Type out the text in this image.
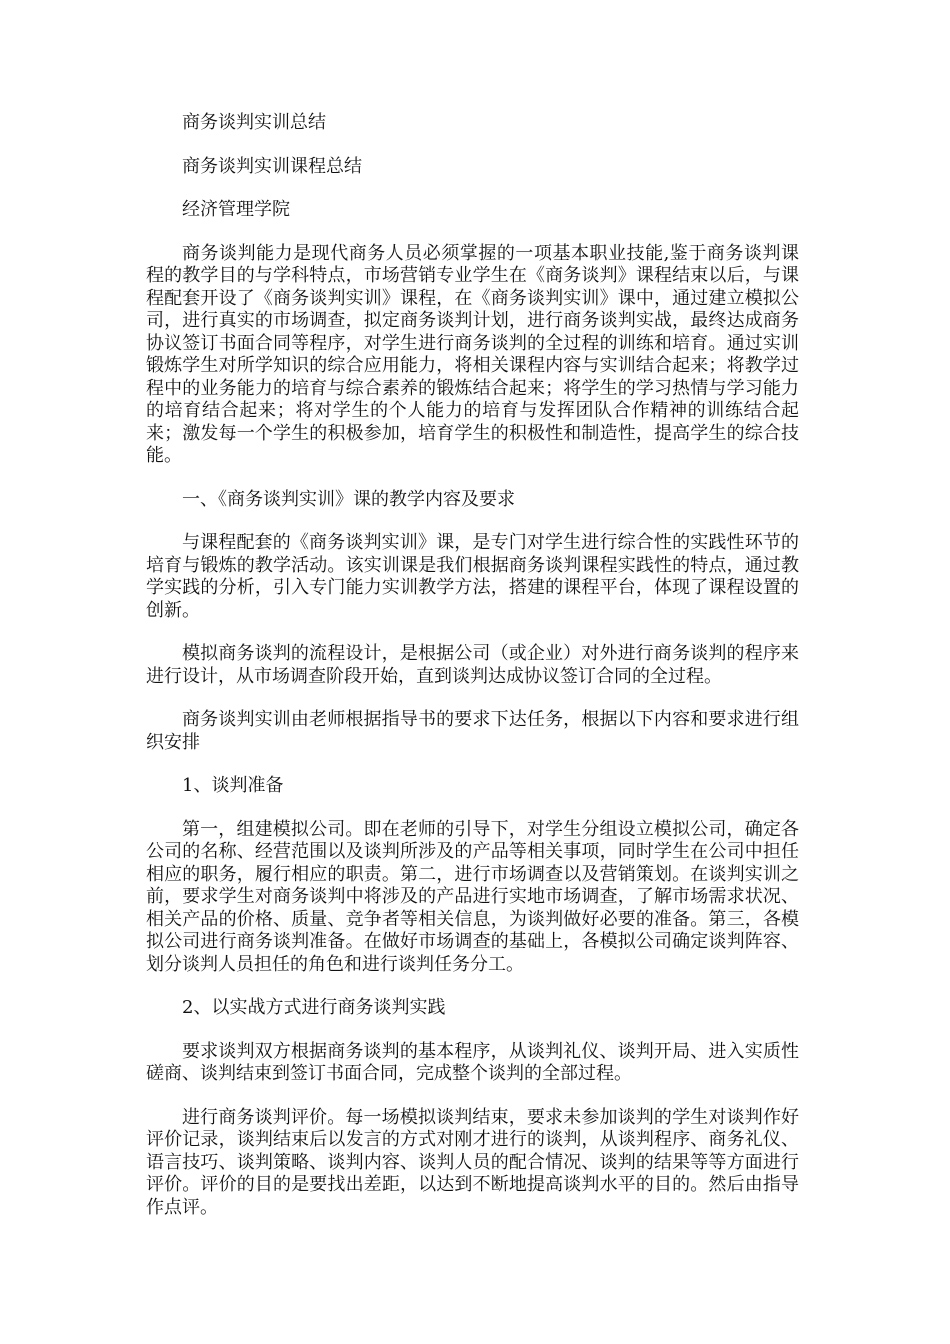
商务谈判实训总结

商务谈判实训课程总结

经济管理学院

商务谈判能力是现代商务人员必须掌握的一项基本职业技能,鉴于商务谈判课程的教学目的与学科特点，市场营销专业学生在《商务谈判》课程结束以后，与课程配套开设了《商务谈判实训》课程，在《商务谈判实训》课中，通过建立模拟公司，进行真实的市场调查，拟定商务谈判计划，进行商务谈判实战，最终达成商务协议签订书面合同等程序，对学生进行商务谈判的全过程的训练和培育。通过实训锻炼学生对所学知识的综合应用能力，将相关课程内容与实训结合起来；将教学过程中的业务能力的培育与综合素养的锻炼结合起来；将学生的学习热情与学习能力的培育结合起来；将对学生的个人能力的培育与发挥团队合作精神的训练结合起来；激发每一个学生的积极参加，培育学生的积极性和制造性，提高学生的综合技能。

一、《商务谈判实训》课的教学内容及要求

与课程配套的《商务谈判实训》课，是专门对学生进行综合性的实践性环节的培育与锻炼的教学活动。该实训课是我们根据商务谈判课程实践性的特点，通过教学实践的分析，引入专门能力实训教学方法，搭建的课程平台，体现了课程设置的创新。

模拟商务谈判的流程设计，是根据公司（或企业）对外进行商务谈判的程序来进行设计，从市场调查阶段开始，直到谈判达成协议签订合同的全过程。

商务谈判实训由老师根据指导书的要求下达任务，根据以下内容和要求进行组织安排

1、谈判准备

第一，组建模拟公司。即在老师的引导下，对学生分组设立模拟公司，确定各公司的名称、经营范围以及谈判所涉及的产品等相关事项，同时学生在公司中担任相应的职务，履行相应的职责。第二，进行市场调查以及营销策划。在谈判实训之前，要求学生对商务谈判中将涉及的产品进行实地市场调查，了解市场需求状况、相关产品的价格、质量、竞争者等相关信息，为谈判做好必要的准备。第三，各模拟公司进行商务谈判准备。在做好市场调查的基础上，各模拟公司确定谈判阵容、划分谈判人员担任的角色和进行谈判任务分工。

2、以实战方式进行商务谈判实践

要求谈判双方根据商务谈判的基本程序，从谈判礼仪、谈判开局、进入实质性磋商、谈判结束到签订书面合同，完成整个谈判的全部过程。

进行商务谈判评价。每一场模拟谈判结束，要求未参加谈判的学生对谈判作好评价记录，谈判结束后以发言的方式对刚才进行的谈判，从谈判程序、商务礼仪、语言技巧、谈判策略、谈判内容、谈判人员的配合情况、谈判的结果等等方面进行评价。评价的目的是要找出差距，以达到不断地提高谈判水平的目的。然后由指导作点评。
